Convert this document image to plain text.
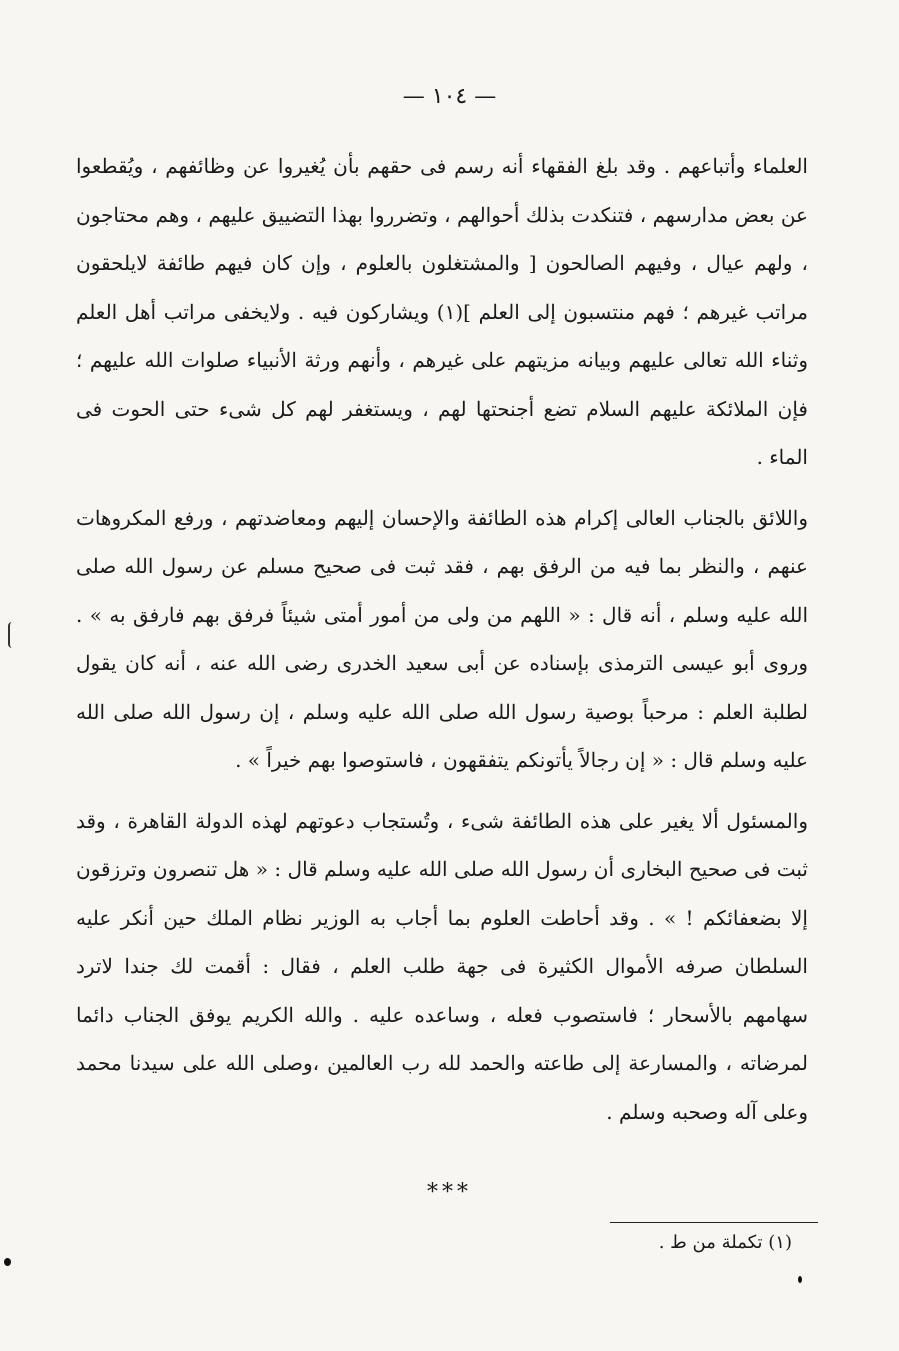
— ١٠٤ —

العلماء وأتباعهم . وقد بلغ الفقهاء أنه رسم فى حقهم بأن يُغيروا عن وظائفهم ، ويُقطعوا عن بعض مدارسهم ، فتنكدت بذلك أحوالهم ، وتضرروا بهذا التضييق عليهم ، وهم محتاجون ، ولهم عيال ، وفيهم الصالحون [ والمشتغلون بالعلوم ، وإن كان فيهم طائفة لايلحقون مراتب غيرهم ؛ فهم منتسبون إلى العلم ](١) ويشاركون فيه . ولايخفى مراتب أهل العلم وثناء الله تعالى عليهم وبيانه مزيتهم على غيرهم ، وأنهم ورثة الأنبياء صلوات الله عليهم ؛ فإن الملائكة عليهم السلام تضع أجنحتها لهم ، ويستغفر لهم كل شىء حتى الحوت فى الماء .

واللائق بالجناب العالى إكرام هذه الطائفة والإحسان إليهم ومعاضدتهم ، ورفع المكروهات عنهم ، والنظر بما فيه من الرفق بهم ، فقد ثبت فى صحيح مسلم عن رسول الله صلى الله عليه وسلم ، أنه قال : « اللهم من ولى من أمور أمتى شيئاً فرفق بهم فارفق به » . وروى أبو عيسى الترمذى بإسناده عن أبى سعيد الخدرى رضى الله عنه ، أنه كان يقول لطلبة العلم : مرحباً بوصية رسول الله صلى الله عليه وسلم ، إن رسول الله صلى الله عليه وسلم قال : « إن رجالاً يأتونكم يتفقهون ، فاستوصوا بهم خيراً » .

والمسئول ألا يغير على هذه الطائفة شىء ، وتُستجاب دعوتهم لهذه الدولة القاهرة ، وقد ثبت فى صحيح البخارى أن رسول الله صلى الله عليه وسلم قال : « هل تنصرون وترزقون إلا بضعفائكم ! » . وقد أحاطت العلوم بما أجاب به الوزير نظام الملك حين أنكر عليه السلطان صرفه الأموال الكثيرة فى جهة طلب العلم ، فقال : أقمت لك جندا لاترد سهامهم بالأسحار ؛ فاستصوب فعله ، وساعده عليه . والله الكريم يوفق الجناب دائما لمرضاته ، والمسارعة إلى طاعته والحمد لله رب العالمين ،وصلى الله على سيدنا محمد وعلى آله وصحبه وسلم .

***
(١) تكملة من ط .
